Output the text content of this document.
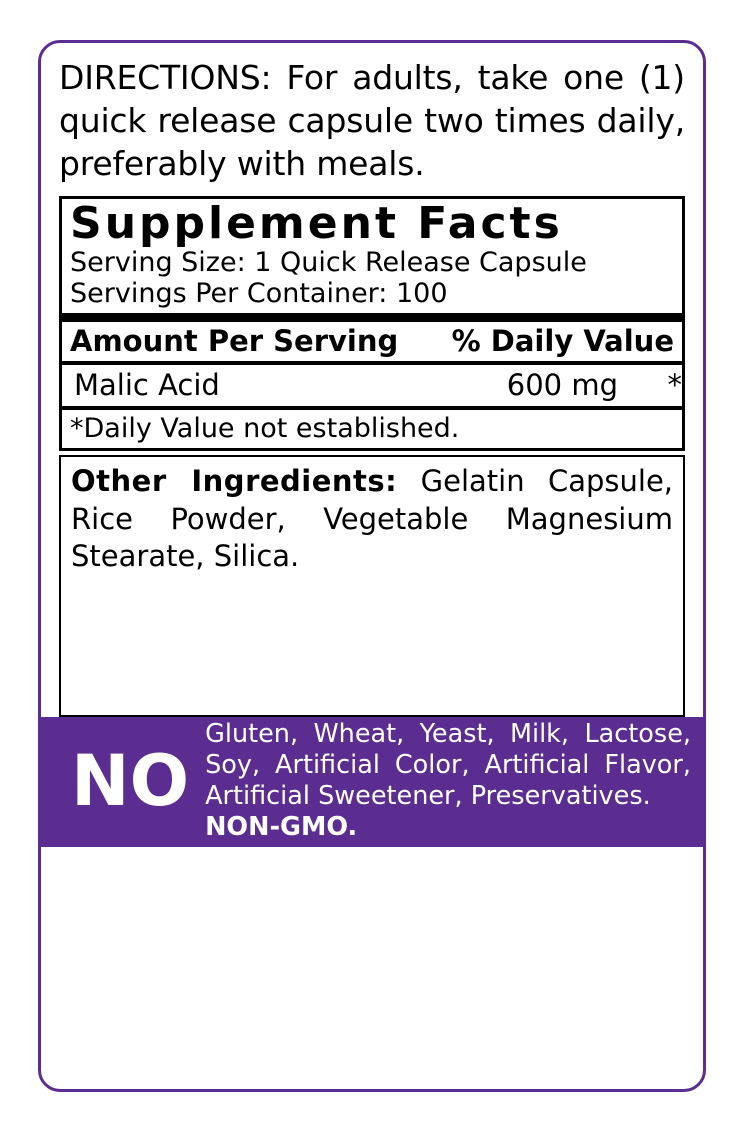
DIRECTIONS: For adults, take one (1) quick release capsule two times daily, preferably with meals.
Supplement Facts
Serving Size: 1 Quick Release Capsule
Servings Per Container: 100
Amount Per Serving % Daily Value
Malic Acid	600 mg	*
*Daily Value not established.
Other Ingredients: Gelatin Capsule, Rice Powder, Vegetable Magnesium Stearate, Silica.
NO
Gluten, Wheat, Yeast, Milk, Lactose, Soy, Artificial Color, Artificial Flavor, Artificial Sweetener, Preservatives.
NON-GMO.
